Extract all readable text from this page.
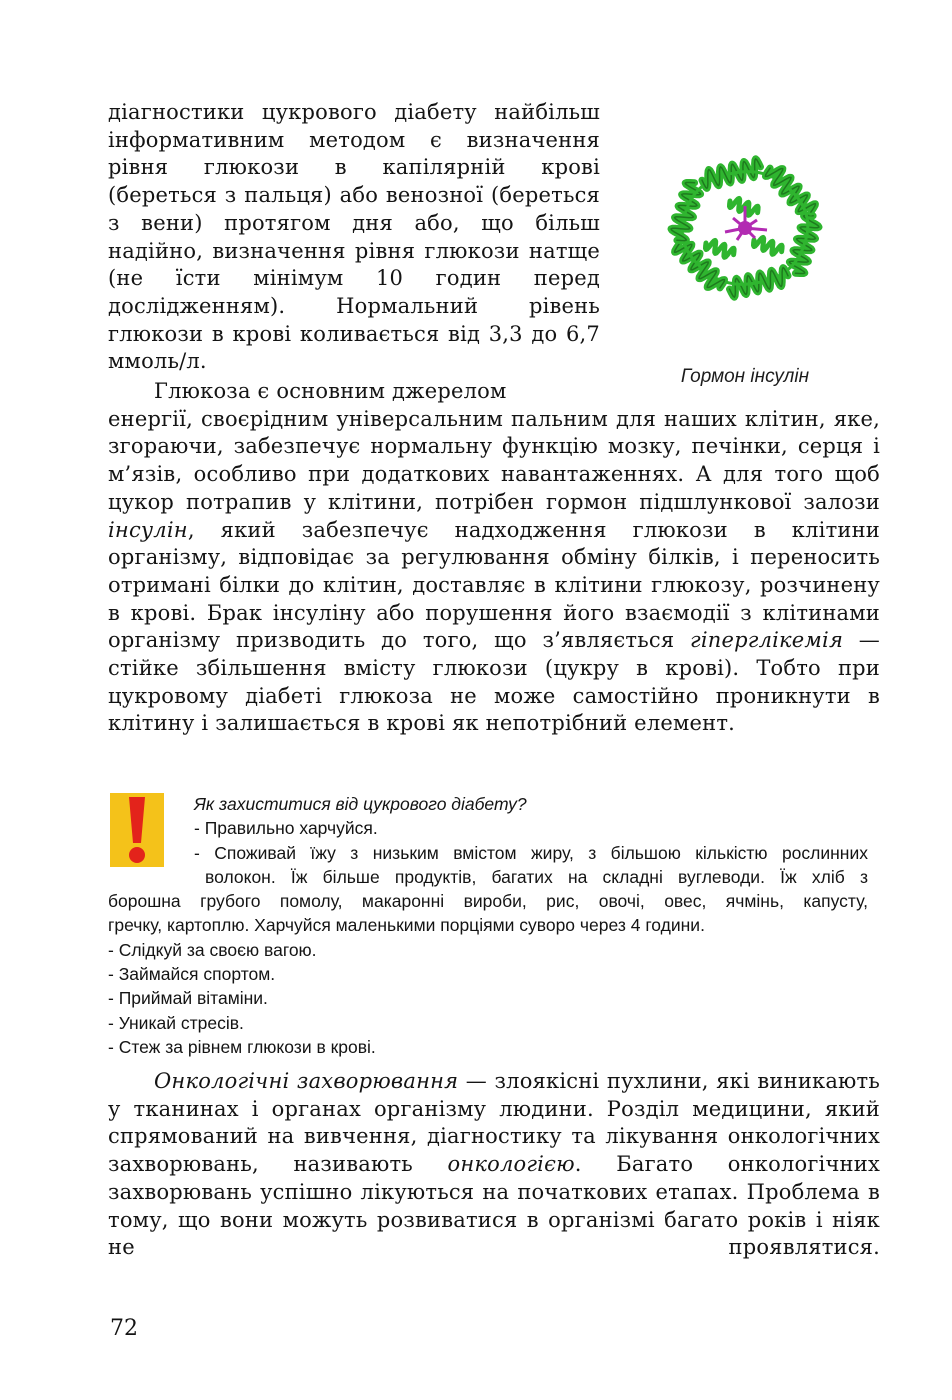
діагностики цукрового діабету найбільш інформативним методом є визначення рівня глюкози в капілярній крові (береться з пальця) або венозної (береться з вени) протягом дня або, що більш надійно, визначення рівня глюкози натще (не їсти мінімум 10 годин перед дослідженням). Нормальний рівень глюкози в крові коливається від 3,3 до 6,7 ммоль/л.

Гормон інсулін

Глюкоза є основним джерелом
енергії, своєрідним універсальним пальним для наших клітин, яке, згораючи, забезпечує нормальну функцію мозку, печінки, серця і м’язів, особливо при додаткових навантаженнях. А для того щоб цукор потрапив у клітини, потрібен гормон підшлункової залози інсулін, який забезпечує надходження глюкози в клітини організму, відповідає за регулювання обміну білків, і переносить отримані білки до клітин, доставляє в клітини глюкозу, розчинену в крові. Брак інсуліну або порушення його взаємодії з клітинами організму призводить до того, що з’являється гіперглікемія — стійке збільшення вмісту глюкози (цукру в крові). Тобто при цукровому діабеті глюкоза не може самостійно проникнути в клітину і залишається в крові як непотрібний елемент.

Як захиститися від цукрового діабету?
- Правильно харчуйся.
- Споживай їжу з низьким вмістом жиру, з більшою кількістю рослинних
волокон. Їж більше продуктів, багатих на складні вуглеводи. Їж хліб з
борошна грубого помолу, макаронні вироби, рис, овочі, овес, ячмінь, капусту,
гречку, картоплю. Харчуйся маленькими порціями суворо через 4 години.
- Слідкуй за своєю вагою.
- Займайся спортом.
- Приймай вітаміни.
- Уникай стресів.
- Стеж за рівнем глюкози в крові.

Онкологічні захворювання — злоякісні пухлини, які виникають у тканинах і органах організму людини. Розділ медицини, який спрямований на вивчення, діагностику та лікування онкологічних захворювань, називають онкологією. Багато онкологічних захворювань успішно лікуються на початкових етапах. Проблема в тому, що вони можуть розвиватися в організмі багато років і ніяк не проявлятися.

72
